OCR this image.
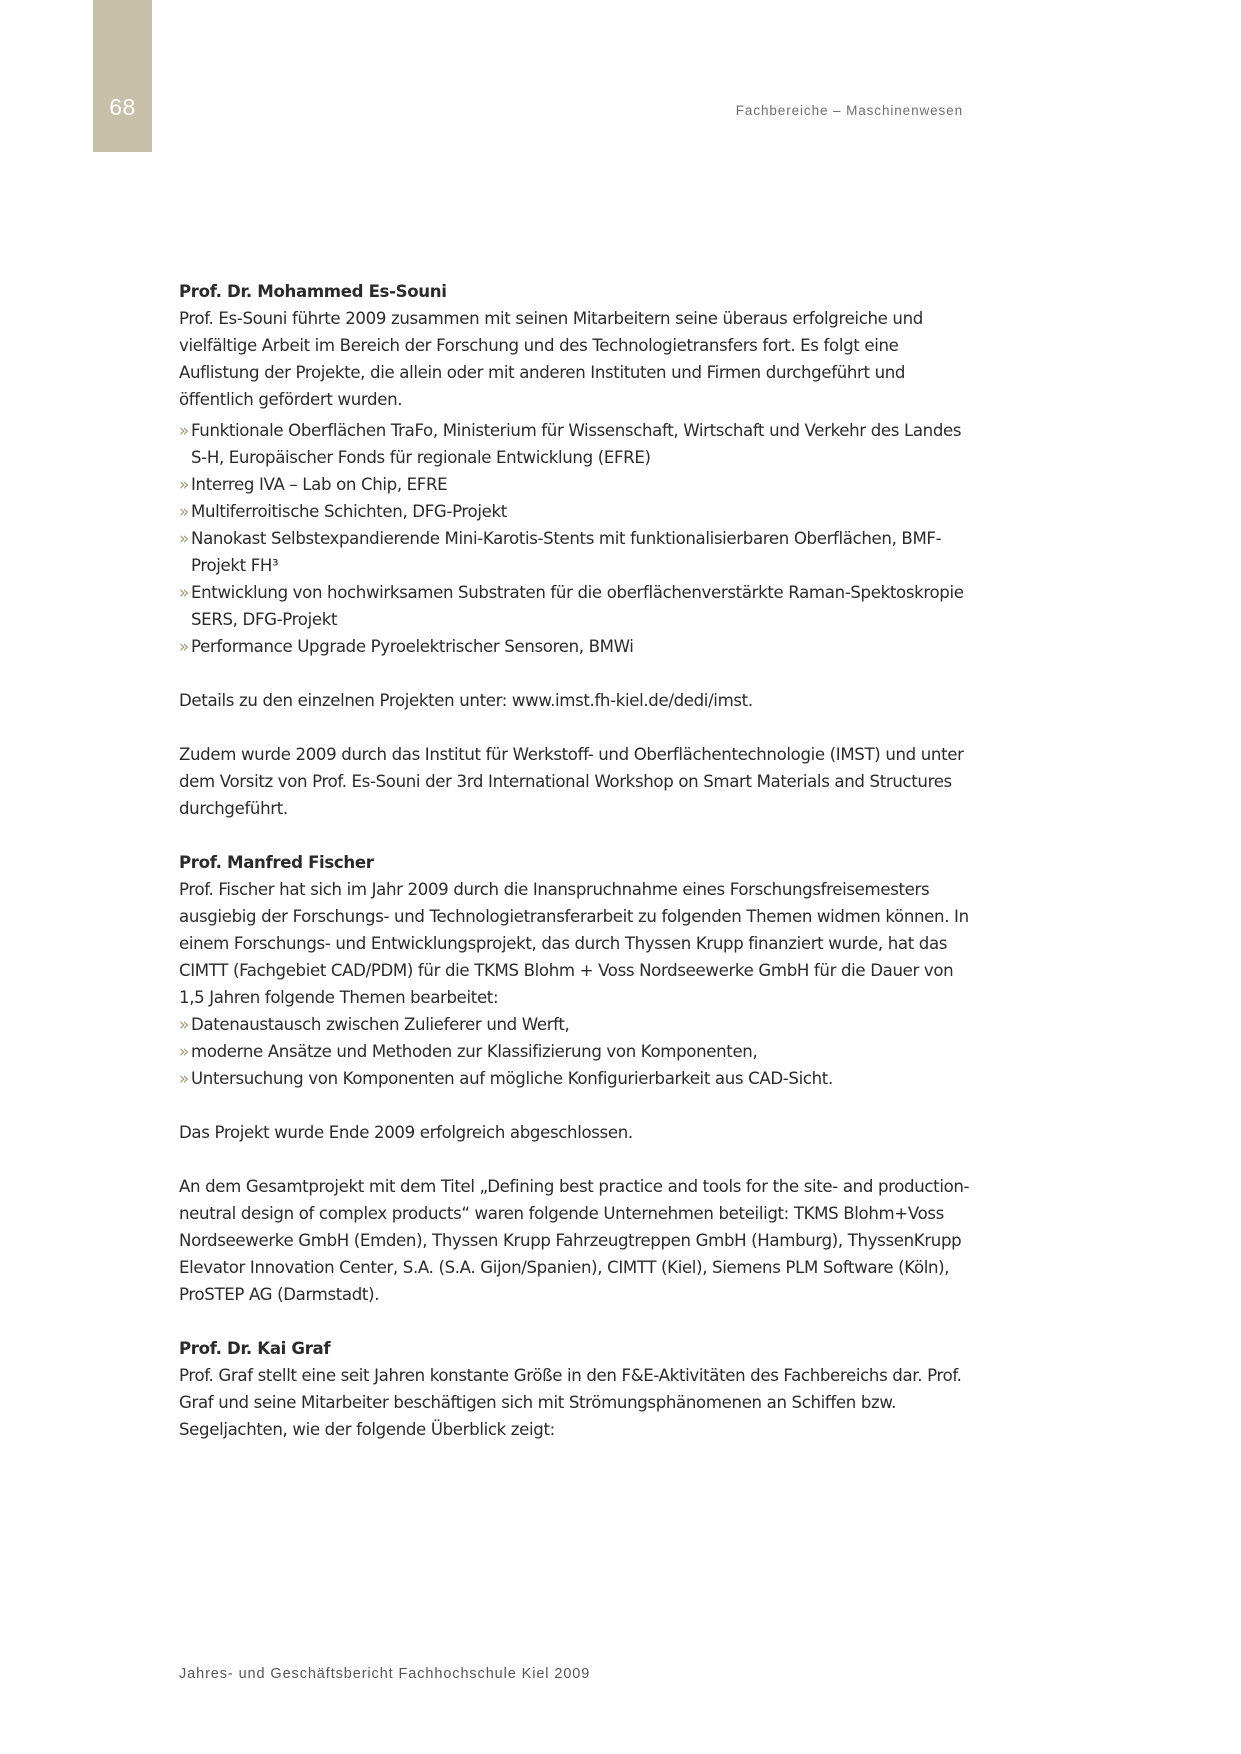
68	Fachbereiche – Maschinenwesen

Prof. Dr. Mohammed Es-Souni

Prof. Es-Souni führte 2009 zusammen mit seinen Mitarbeitern seine überaus erfolgreiche und vielfältige Arbeit im Bereich der Forschung und des Technologietransfers fort. Es folgt eine Auflistung der Projekte, die allein oder mit anderen Instituten und Firmen durchgeführt und öffentlich gefördert wurden.

» Funktionale Oberflächen TraFo, Ministerium für Wissenschaft, Wirtschaft und Verkehr des Landes S-H, Europäischer Fonds für regionale Entwicklung (EFRE)
» Interreg IVA – Lab on Chip, EFRE
» Multiferroitische Schichten, DFG-Projekt
» Nanokast Selbstexpandierende Mini-Karotis-Stents mit funktionalisierbaren Oberflächen, BMF-Projekt FH³
» Entwicklung von hochwirksamen Substraten für die oberflächenverstärkte Raman-Spektoskropie SERS, DFG-Projekt
» Performance Upgrade Pyroelektrischer Sensoren, BMWi

Details zu den einzelnen Projekten unter: www.imst.fh-kiel.de/dedi/imst.

Zudem wurde 2009 durch das Institut für Werkstoff- und Oberflächentechnologie (IMST) und unter dem Vorsitz von Prof. Es-Souni der 3rd International Workshop on Smart Materials and Structures durchgeführt.

Prof. Manfred Fischer

Prof. Fischer hat sich im Jahr 2009 durch die Inanspruchnahme eines Forschungsfreisemesters ausgiebig der Forschungs- und Technologietransferarbeit zu folgenden Themen widmen können. In einem Forschungs- und Entwicklungsprojekt, das durch Thyssen Krupp finanziert wurde, hat das CIMTT (Fachgebiet CAD/PDM) für die TKMS Blohm + Voss Nordseewerke GmbH für die Dauer von 1,5 Jahren folgende Themen bearbeitet:

» Datenaustausch zwischen Zulieferer und Werft,
» moderne Ansätze und Methoden zur Klassifizierung von Komponenten,
» Untersuchung von Komponenten auf mögliche Konfigurierbarkeit aus CAD-Sicht.

Das Projekt wurde Ende 2009 erfolgreich abgeschlossen.

An dem Gesamtprojekt mit dem Titel „Defining best practice and tools for the site- and production-neutral design of complex products“ waren folgende Unternehmen beteiligt: TKMS Blohm+Voss Nordseewerke GmbH (Emden), Thyssen Krupp Fahrzeugtreppen GmbH (Hamburg), ThyssenKrupp Elevator Innovation Center, S.A. (S.A. Gijon/Spanien), CIMTT (Kiel), Siemens PLM Software (Köln), ProSTEP AG (Darmstadt).

Prof. Dr. Kai Graf

Prof. Graf stellt eine seit Jahren konstante Größe in den F&E-Aktivitäten des Fachbereichs dar. Prof. Graf und seine Mitarbeiter beschäftigen sich mit Strömungsphänomenen an Schiffen bzw. Segeljachten, wie der folgende Überblick zeigt:

Jahres- und Geschäftsbericht Fachhochschule Kiel 2009
